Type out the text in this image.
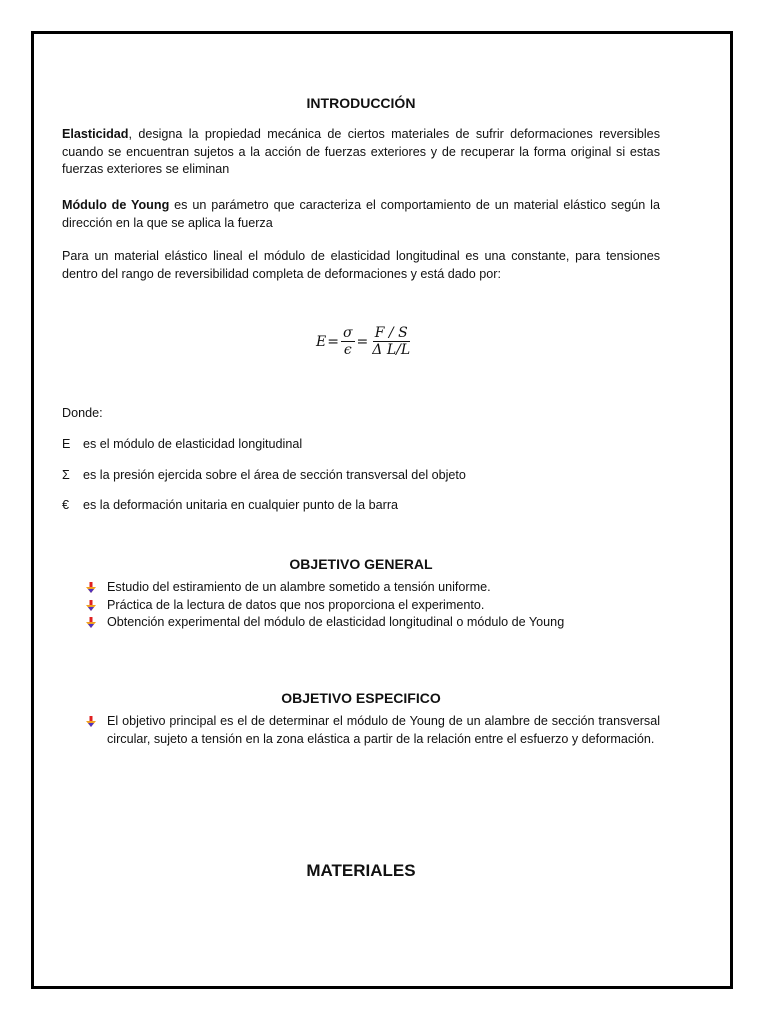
INTRODUCCIÓN

Elasticidad, designa la propiedad mecánica de ciertos materiales de sufrir deformaciones reversibles cuando se encuentran sujetos a la acción de fuerzas exteriores y de recuperar la forma original si estas fuerzas exteriores se eliminan

Módulo de Young es un parámetro que caracteriza el comportamiento de un material elástico según la dirección en la que se aplica la fuerza

Para un material elástico lineal el módulo de elasticidad longitudinal es una constante, para tensiones dentro del rango de reversibilidad completa de deformaciones y está dado por:

$E = \frac{\sigma}{\epsilon} = \frac{F / S}{\text{Δ L/L}}$
Donde:
E es el módulo de elasticidad longitudinal
Σ es la presión ejercida sobre el área de sección transversal del objeto
€ es la deformación unitaria en cualquier punto de la barra
OBJETIVO GENERAL
Estudio del estiramiento de un alambre sometido a tensión uniforme.
Práctica de la lectura de datos que nos proporciona el experimento.
Obtención experimental del módulo de elasticidad longitudinal o módulo de Young
OBJETIVO ESPECIFICO
El objetivo principal es el de determinar el módulo de Young de un alambre de sección transversal circular, sujeto a tensión en la zona elástica a partir de la relación entre el esfuerzo y deformación.
MATERIALES
